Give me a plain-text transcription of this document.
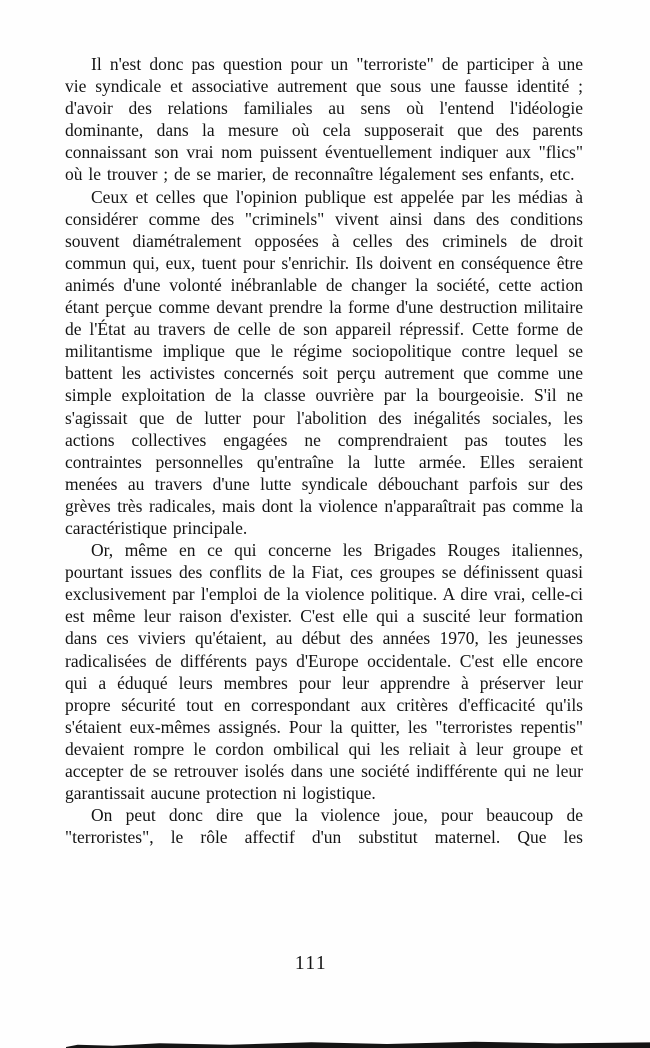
Il n'est donc pas question pour un "terroriste" de participer à une vie syndicale et associative autrement que sous une fausse identité ; d'avoir des relations familiales au sens où l'entend l'idéologie dominante, dans la mesure où cela supposerait que des parents connaissant son vrai nom puissent éventuellement indiquer aux "flics" où le trouver ; de se marier, de reconnaître légalement ses enfants, etc.

Ceux et celles que l'opinion publique est appelée par les médias à considérer comme des "criminels" vivent ainsi dans des conditions souvent diamétralement opposées à celles des criminels de droit commun qui, eux, tuent pour s'enrichir. Ils doivent en conséquence être animés d'une volonté inébranlable de changer la société, cette action étant perçue comme devant prendre la forme d'une destruction militaire de l'État au travers de celle de son appareil répressif. Cette forme de militantisme implique que le régime sociopolitique contre lequel se battent les activistes concernés soit perçu autrement que comme une simple exploitation de la classe ouvrière par la bourgeoisie. S'il ne s'agissait que de lutter pour l'abolition des inégalités sociales, les actions collectives engagées ne comprendraient pas toutes les contraintes personnelles qu'entraîne la lutte armée. Elles seraient menées au travers d'une lutte syndicale débouchant parfois sur des grèves très radicales, mais dont la violence n'apparaîtrait pas comme la caractéristique principale.

Or, même en ce qui concerne les Brigades Rouges italiennes, pourtant issues des conflits de la Fiat, ces groupes se définissent quasi exclusivement par l'emploi de la violence politique. A dire vrai, celle-ci est même leur raison d'exister. C'est elle qui a suscité leur formation dans ces viviers qu'étaient, au début des années 1970, les jeunesses radicalisées de différents pays d'Europe occidentale. C'est elle encore qui a éduqué leurs membres pour leur apprendre à préserver leur propre sécurité tout en correspondant aux critères d'efficacité qu'ils s'étaient eux-mêmes assignés. Pour la quitter, les "terroristes repentis" devaient rompre le cordon ombilical qui les reliait à leur groupe et accepter de se retrouver isolés dans une société indifférente qui ne leur garantissait aucune protection ni logistique.

On peut donc dire que la violence joue, pour beaucoup de "terroristes", le rôle affectif d'un substitut maternel. Que les

111
